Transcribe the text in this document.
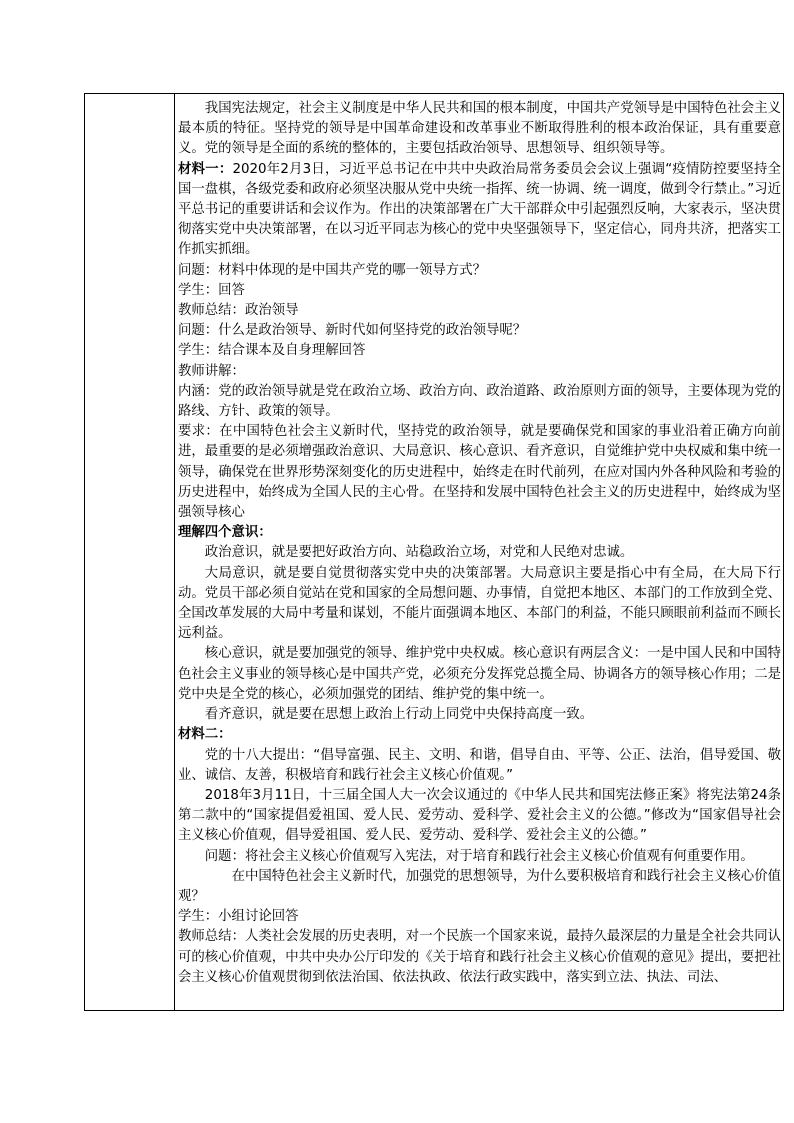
我国宪法规定，社会主义制度是中华人民共和国的根本制度，中国共产党领导是中国特色社会主义最本质的特征。坚持党的领导是中国革命建设和改革事业不断取得胜利的根本政治保证，具有重要意义。党的领导是全面的系统的整体的，主要包括政治领导、思想领导、组织领导等。

材料一：2020年2月3日，习近平总书记在中共中央政治局常务委员会会议上强调“疫情防控要坚持全国一盘棋，各级党委和政府必须坚决服从党中央统一指挥、统一协调、统一调度，做到令行禁止。”习近平总书记的重要讲话和会议作为。作出的决策部署在广大干部群众中引起强烈反响，大家表示，坚决贯彻落实党中央决策部署，在以习近平同志为核心的党中央坚强领导下，坚定信心，同舟共济，把落实工作抓实抓细。

问题：材料中体现的是中国共产党的哪一领导方式？

学生：回答

教师总结：政治领导

问题：什么是政治领导、新时代如何坚持党的政治领导呢？

学生：结合课本及自身理解回答

教师讲解：

内涵：党的政治领导就是党在政治立场、政治方向、政治道路、政治原则方面的领导，主要体现为党的路线、方针、政策的领导。

要求：在中国特色社会主义新时代，坚持党的政治领导，就是要确保党和国家的事业沿着正确方向前进，最重要的是必须增强政治意识、大局意识、核心意识、看齐意识，自觉维护党中央权威和集中统一领导，确保党在世界形势深刻变化的历史进程中，始终走在时代前列，在应对国内外各种风险和考验的历史进程中，始终成为全国人民的主心骨。在坚持和发展中国特色社会主义的历史进程中，始终成为坚强领导核心

理解四个意识：

政治意识，就是要把好政治方向、站稳政治立场，对党和人民绝对忠诚。

大局意识，就是要自觉贯彻落实党中央的决策部署。大局意识主要是指心中有全局，在大局下行动。党员干部必须自觉站在党和国家的全局想问题、办事情，自觉把本地区、本部门的工作放到全党、全国改革发展的大局中考量和谋划，不能片面强调本地区、本部门的利益，不能只顾眼前利益而不顾长远利益。

核心意识，就是要加强党的领导、维护党中央权威。核心意识有两层含义：一是中国人民和中国特色社会主义事业的领导核心是中国共产党，必须充分发挥党总揽全局、协调各方的领导核心作用；二是党中央是全党的核心，必须加强党的团结、维护党的集中统一。

看齐意识，就是要在思想上政治上行动上同党中央保持高度一致。

材料二：

党的十八大提出：“倡导富强、民主、文明、和谐，倡导自由、平等、公正、法治，倡导爱国、敬业、诚信、友善，积极培育和践行社会主义核心价值观。”

2018年3月11日，十三届全国人大一次会议通过的《中华人民共和国宪法修正案》将宪法第24条第二款中的“国家提倡爱祖国、爱人民、爱劳动、爱科学、爱社会主义的公德。”修改为“国家倡导社会主义核心价值观，倡导爱祖国、爱人民、爱劳动、爱科学、爱社会主义的公德。”

问题：将社会主义核心价值观写入宪法，对于培育和践行社会主义核心价值观有何重要作用。

在中国特色社会主义新时代，加强党的思想领导，为什么要积极培育和践行社会主义核心价值观？

学生：小组讨论回答

教师总结：人类社会发展的历史表明，对一个民族一个国家来说，最持久最深层的力量是全社会共同认可的核心价值观，中共中央办公厅印发的《关于培育和践行社会主义核心价值观的意见》提出，要把社会主义核心价值观贯彻到依法治国、依法执政、依法行政实践中，落实到立法、执法、司法、
